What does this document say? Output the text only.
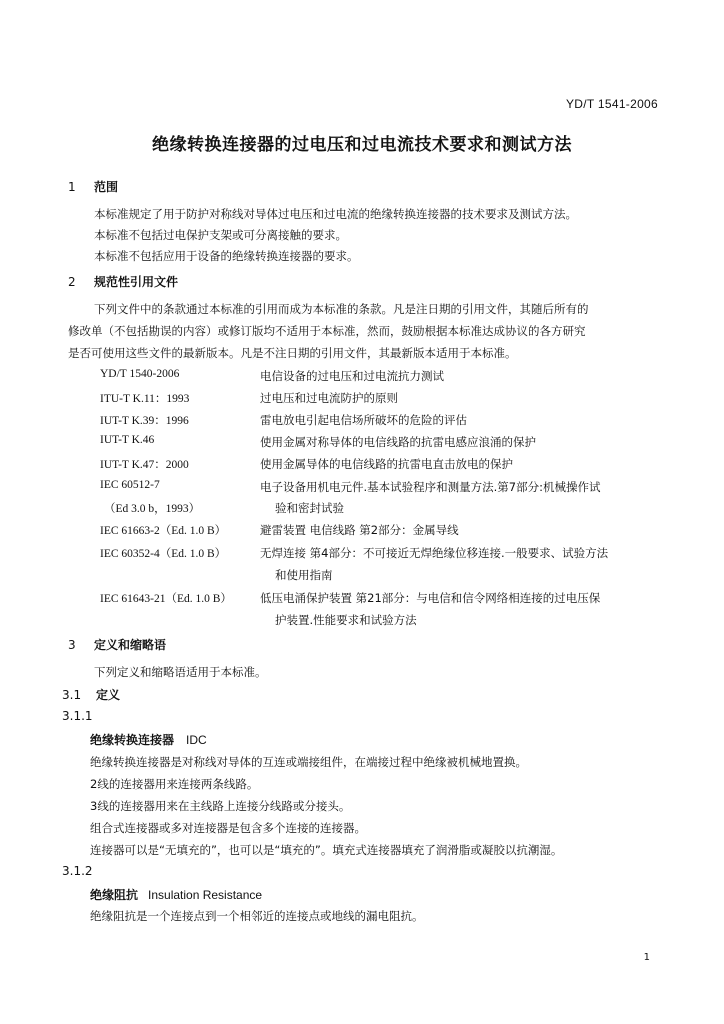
YD/T 1541-2006
绝缘转换连接器的过电压和过电流技术要求和测试方法
1 范围
本标准规定了用于防护对称线对导体过电压和过电流的绝缘转换连接器的技术要求及测试方法。
本标准不包括过电保护支架或可分离接触的要求。
本标准不包括应用于设备的绝缘转换连接器的要求。
2 规范性引用文件
下列文件中的条款通过本标准的引用而成为本标准的条款。凡是注日期的引用文件，其随后所有的
修改单（不包括勘误的内容）或修订版均不适用于本标准，然而，鼓励根据本标准达成协议的各方研究
是否可使用这些文件的最新版本。凡是不注日期的引用文件，其最新版本适用于本标准。
YD/T 1540-2006	电信设备的过电压和过电流抗力测试
ITU-T K.11：1993	过电压和过电流防护的原则
IUT-T K.39：1996	雷电放电引起电信场所破坏的危险的评估
IUT-T K.46	使用金属对称导体的电信线路的抗雷电感应浪涌的保护
IUT-T K.47：2000	使用金属导体的电信线路的抗雷电直击放电的保护
IEC 60512-7	电子设备用机电元件.基本试验程序和测量方法.第7部分:机械操作试
（Ed 3.0 b，1993）	验和密封试验
IEC 61663-2（Ed. 1.0 B）	避雷装置 电信线路 第2部分：金属导线
IEC 60352-4（Ed. 1.0 B）	无焊连接 第4部分：不可接近无焊绝缘位移连接.一般要求、试验方法
和使用指南
IEC 61643-21（Ed. 1.0 B） 低压电涌保护装置 第21部分：与电信和信令网络相连接的过电压保
护装置.性能要求和试验方法
3 定义和缩略语
下列定义和缩略语适用于本标准。
3.1 定义
3.1.1
绝缘转换连接器 IDC
绝缘转换连接器是对称线对导体的互连或端接组件，在端接过程中绝缘被机械地置换。
2线的连接器用来连接两条线路。
3线的连接器用来在主线路上连接分线路或分接头。
组合式连接器或多对连接器是包含多个连接的连接器。
连接器可以是“无填充的”，也可以是“填充的”。填充式连接器填充了润滑脂或凝胶以抗潮湿。
3.1.2
绝缘阻抗 Insulation Resistance
绝缘阻抗是一个连接点到一个相邻近的连接点或地线的漏电阻抗。
1
